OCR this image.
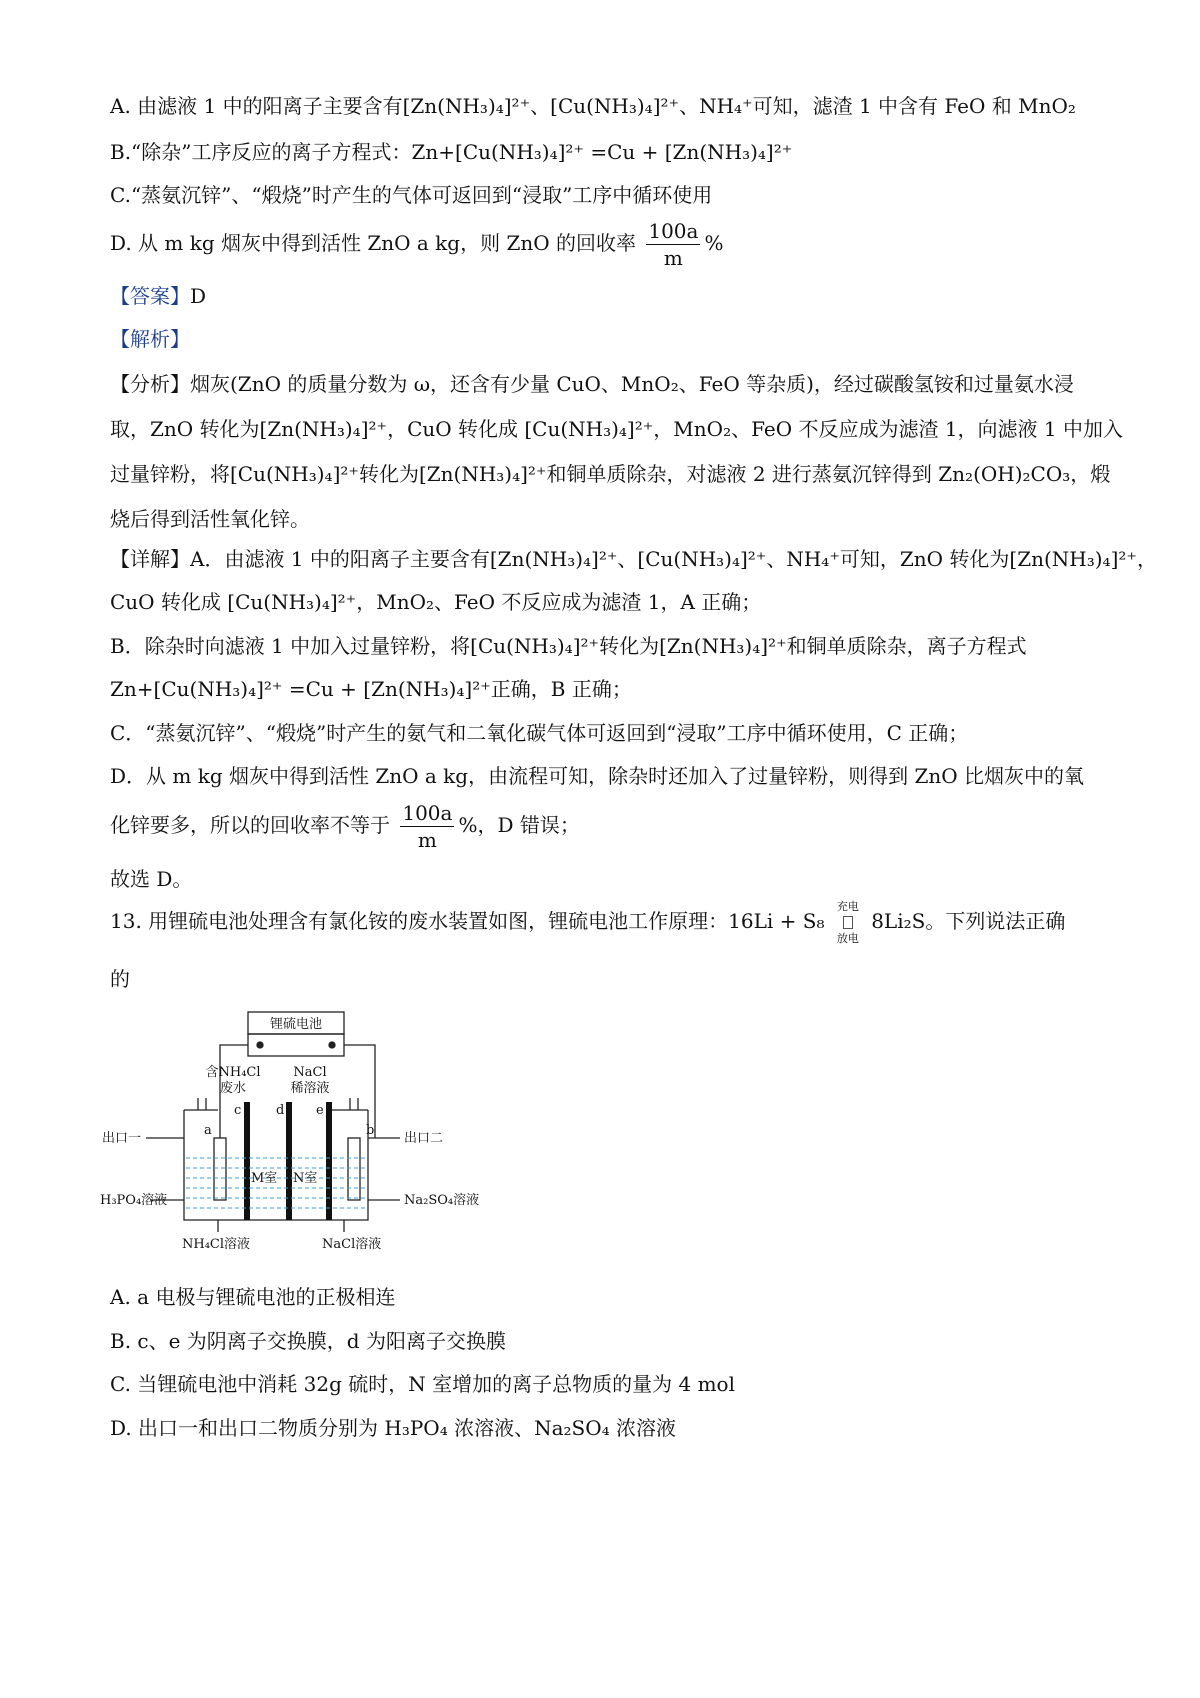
A. 由滤液 1 中的阳离子主要含有[Zn(NH₃)₄]²⁺、[Cu(NH₃)₄]²⁺、NH₄⁺可知，滤渣 1 中含有 FeO 和 MnO₂
B.“除杂”工序反应的离子方程式：Zn+[Cu(NH₃)₄]²⁺ =Cu + [Zn(NH₃)₄]²⁺
C.“蒸氨沉锌”、“煅烧”时产生的气体可返回到“浸取”工序中循环使用
D. 从 m kg 烟灰中得到活性 ZnO a kg，则 ZnO 的回收率 $\frac{100a}{m}$ %
【答案】D
【解析】
【分析】烟灰(ZnO 的质量分数为 ω，还含有少量 CuO、MnO₂、FeO 等杂质)，经过碳酸氢铵和过量氨水浸
取，ZnO 转化为[Zn(NH₃)₄]²⁺，CuO 转化成 [Cu(NH₃)₄]²⁺，MnO₂、FeO 不反应成为滤渣 1，向滤液 1 中加入
过量锌粉，将[Cu(NH₃)₄]²⁺转化为[Zn(NH₃)₄]²⁺和铜单质除杂，对滤液 2 进行蒸氨沉锌得到 Zn₂(OH)₂CO₃，煅
烧后得到活性氧化锌。
【详解】A．由滤液 1 中的阳离子主要含有[Zn(NH₃)₄]²⁺、[Cu(NH₃)₄]²⁺、NH₄⁺可知，ZnO 转化为[Zn(NH₃)₄]²⁺，
CuO 转化成 [Cu(NH₃)₄]²⁺，MnO₂、FeO 不反应成为滤渣 1，A 正确；
B．除杂时向滤液 1 中加入过量锌粉，将[Cu(NH₃)₄]²⁺转化为[Zn(NH₃)₄]²⁺和铜单质除杂，离子方程式
Zn+[Cu(NH₃)₄]²⁺ =Cu + [Zn(NH₃)₄]²⁺正确，B 正确；
C．“蒸氨沉锌”、“煅烧”时产生的氨气和二氧化碳气体可返回到“浸取”工序中循环使用，C 正确；
D．从 m kg 烟灰中得到活性 ZnO a kg，由流程可知，除杂时还加入了过量锌粉，则得到 ZnO 比烟灰中的氧
化锌要多，所以的回收率不等于 $\frac{100a}{m}$ %，D 错误；
故选 D。
13. 用锂硫电池处理含有氯化铵的废水装置如图，锂硫电池工作原理：16Li + S₈
充电
放电
8Li₂S。下列说法正确
的
锂硫电池
含NH₄Cl
废水
NaCl
稀溶液
c	d e
a	b
出口一	出口二
H₃PO₄溶液	Na₂SO₄溶液
M室 N室
NH₄Cl溶液	NaCl溶液
A. a 电极与锂硫电池的正极相连
B. c、e 为阴离子交换膜，d 为阳离子交换膜
C. 当锂硫电池中消耗 32g 硫时，N 室增加的离子总物质的量为 4 mol
D. 出口一和出口二物质分别为 H₃PO₄ 浓溶液、Na₂SO₄ 浓溶液
